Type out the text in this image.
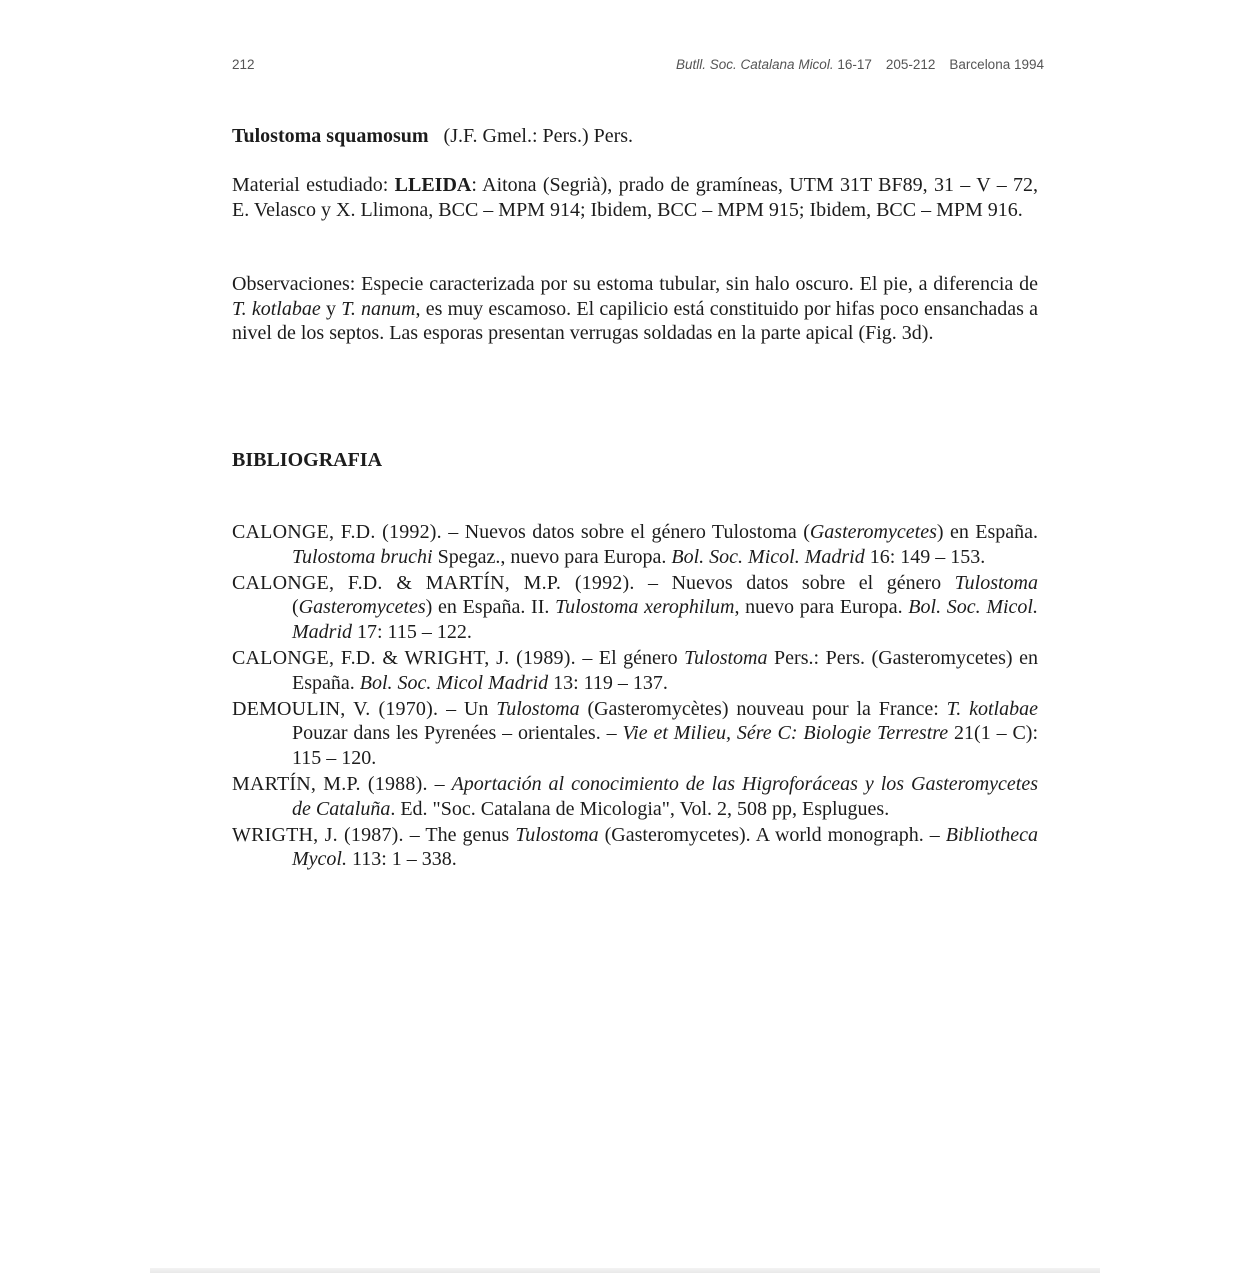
212	Butll. Soc. Catalana Micol. 16-17 205-212 Barcelona 1994
Tulostoma squamosum (J.F. Gmel.: Pers.) Pers.
Material estudiado: LLEIDA: Aitona (Segrià), prado de gramíneas, UTM 31T BF89, 31 – V – 72, E. Velasco y X. Llimona, BCC – MPM 914; Ibidem, BCC – MPM 915; Ibidem, BCC – MPM 916.
Observaciones: Especie caracterizada por su estoma tubular, sin halo oscuro. El pie, a diferencia de T. kotlabae y T. nanum, es muy escamoso. El capilicio está constituido por hifas poco ensanchadas a nivel de los septos. Las esporas presentan verrugas soldadas en la parte apical (Fig. 3d).
BIBLIOGRAFIA
CALONGE, F.D. (1992). – Nuevos datos sobre el género Tulostoma (Gasteromycetes) en España. Tulostoma bruchi Spegaz., nuevo para Europa. Bol. Soc. Micol. Madrid 16: 149 – 153.
CALONGE, F.D. & MARTÍN, M.P. (1992). – Nuevos datos sobre el género Tulostoma (Gasteromycetes) en España. II. Tulostoma xerophilum, nuevo para Europa. Bol. Soc. Micol. Madrid 17: 115 – 122.
CALONGE, F.D. & WRIGHT, J. (1989). – El género Tulostoma Pers.: Pers. (Gasteromycetes) en España. Bol. Soc. Micol Madrid 13: 119 – 137.
DEMOULIN, V. (1970). – Un Tulostoma (Gasteromycètes) nouveau pour la France: T. kotlabae Pouzar dans les Pyrenées – orientales. – Vie et Milieu, Sére C: Biologie Terrestre 21(1 – C): 115 – 120.
MARTÍN, M.P. (1988). – Aportación al conocimiento de las Higroforáceas y los Gasteromycetes de Cataluña. Ed. "Soc. Catalana de Micologia", Vol. 2, 508 pp, Esplugues.
WRIGTH, J. (1987). – The genus Tulostoma (Gasteromycetes). A world monograph. – Bibliotheca Mycol. 113: 1 – 338.
